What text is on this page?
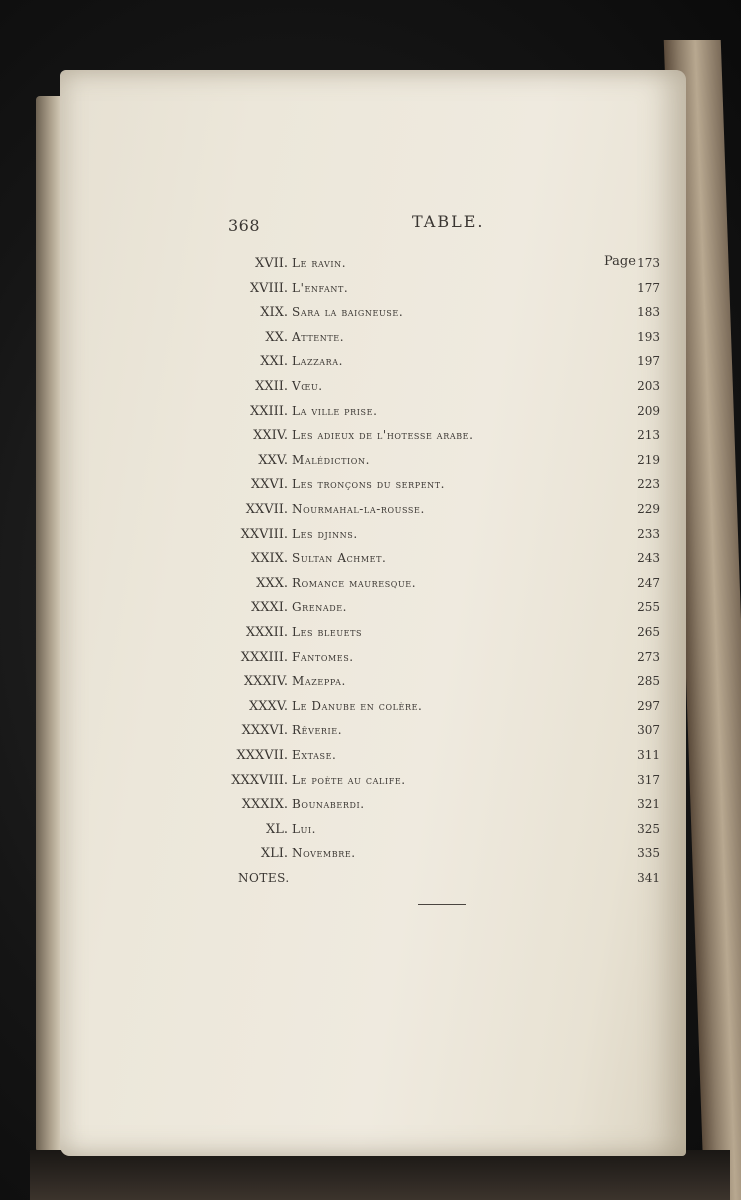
368	TABLE.
XVII. Le ravin.	Page 173
XVIII. L'enfant.	177
XIX. Sara la baigneuse.	183
XX. Attente.	193
XXI. Lazzara.	197
XXII. Vœu.	203
XXIII. La ville prise.	209
XXIV. Les adieux de l'hotesse arabe.	213
XXV. Malédiction.	219
XXVI. Les tronçons du serpent.	223
XXVII. Nourmahal-la-rousse.	229
XXVIII. Les djinns.	233
XXIX. Sultan Achmet.	243
XXX. Romance mauresque.	247
XXXI. Grenade.	255
XXXII. Les bleuets	265
XXXIII. Fantomes.	273
XXXIV. Mazeppa.	285
XXXV. Le Danube en colère.	297
XXXVI. Rêverie.	307
XXXVII. Extase.	311
XXXVIII. Le poète au calife.	317
XXXIX. Bounaberdi.	321
XL. Lui.	325
XLI. Novembre.	335
NOTES.	341
